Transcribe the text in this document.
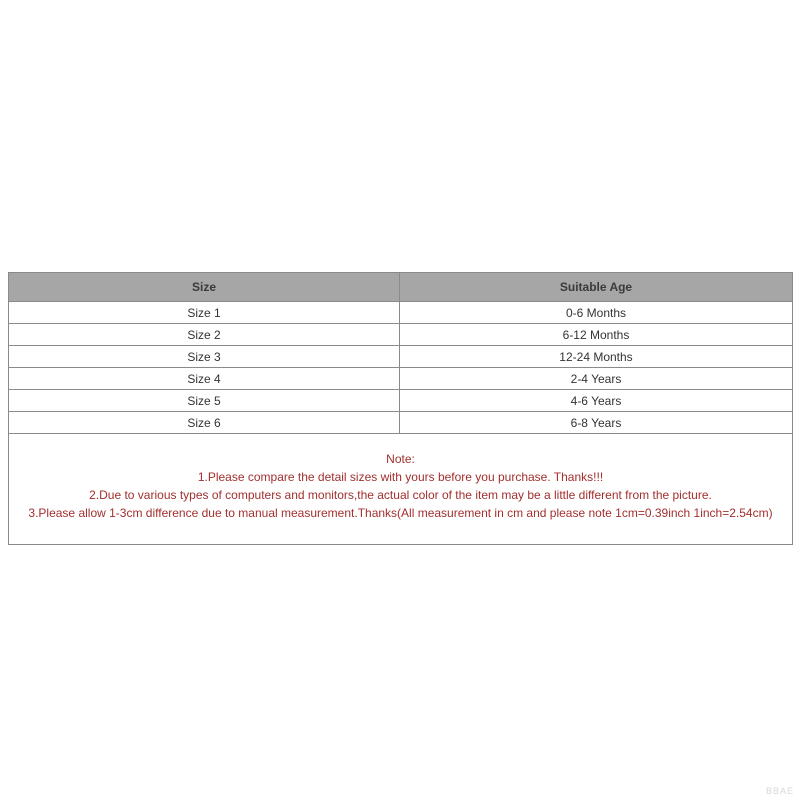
Size	Suitable Age
Size 1	0-6 Months
Size 2	6-12 Months
Size 3	12-24 Months
Size 4	2-4 Years
Size 5	4-6 Years
Size 6	6-8 Years

Note:
1.Please compare the detail sizes with yours before you purchase. Thanks!!!
2.Due to various types of computers and monitors,the actual color of the item may be a little different from the picture.
3.Please allow 1-3cm difference due to manual measurement.Thanks(All measurement in cm and please note 1cm=0.39inch 1inch=2.54cm)	
BBAE
